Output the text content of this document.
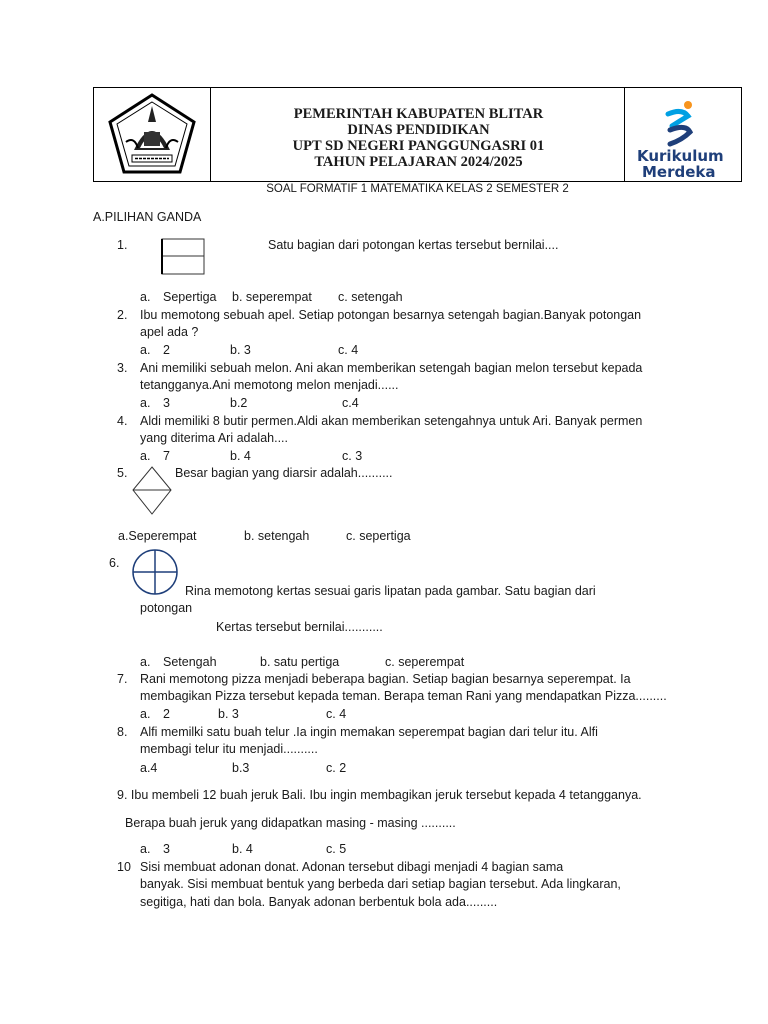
PEMERINTAH KABUPATEN BLITAR
DINAS PENDIDIKAN
UPT SD NEGERI PANGGUNGASRI 01
TAHUN PELAJARAN 2024/2025	Kurikulum
Merdeka
SOAL FORMATIF 1 MATEMATIKA KELAS 2 SEMESTER 2
A.PILIHAN GANDA
1.	Satu bagian dari potongan kertas tersebut bernilai....
a. Sepertiga b. seperempat c. setengah
2. Ibu memotong sebuah apel. Setiap potongan besarnya setengah bagian.Banyak potongan
apel ada ?
a. 2	b. 3	c. 4
3. Ani memiliki sebuah melon. Ani akan memberikan setengah bagian melon tersebut kepada
tetangganya.Ani memotong melon menjadi......
a. 3	b.2	c.4
4. Aldi memiliki 8 butir permen.Aldi akan memberikan setengahnya untuk Ari. Banyak permen
yang diterima Ari adalah....
a. 7	b. 4	c. 3
5.	Besar bagian yang diarsir adalah..........
a.Seperempat	b. setengah	c. sepertiga
6.
Rina memotong kertas sesuai garis lipatan pada gambar. Satu bagian dari
potongan
Kertas tersebut bernilai...........
a. Setengah	b. satu pertiga	c. seperempat
7. Rani memotong pizza menjadi beberapa bagian. Setiap bagian besarnya seperempat. Ia
membagikan Pizza tersebut kepada teman. Berapa teman Rani yang mendapatkan Pizza.........
a. 2	b. 3	c. 4
8. Alfi memilki satu buah telur .Ia ingin memakan seperempat bagian dari telur itu. Alfi
membagi telur itu menjadi..........
a.4	b.3	c. 2
9. Ibu membeli 12 buah jeruk Bali. Ibu ingin membagikan jeruk tersebut kepada 4 tetangganya.
Berapa buah jeruk yang didapatkan masing - masing ..........
a. 3	b. 4	c. 5
10 Sisi membuat adonan donat. Adonan tersebut dibagi menjadi 4 bagian sama
banyak. Sisi membuat bentuk yang berbeda dari setiap bagian tersebut. Ada lingkaran,
segitiga, hati dan bola. Banyak adonan berbentuk bola ada.........
